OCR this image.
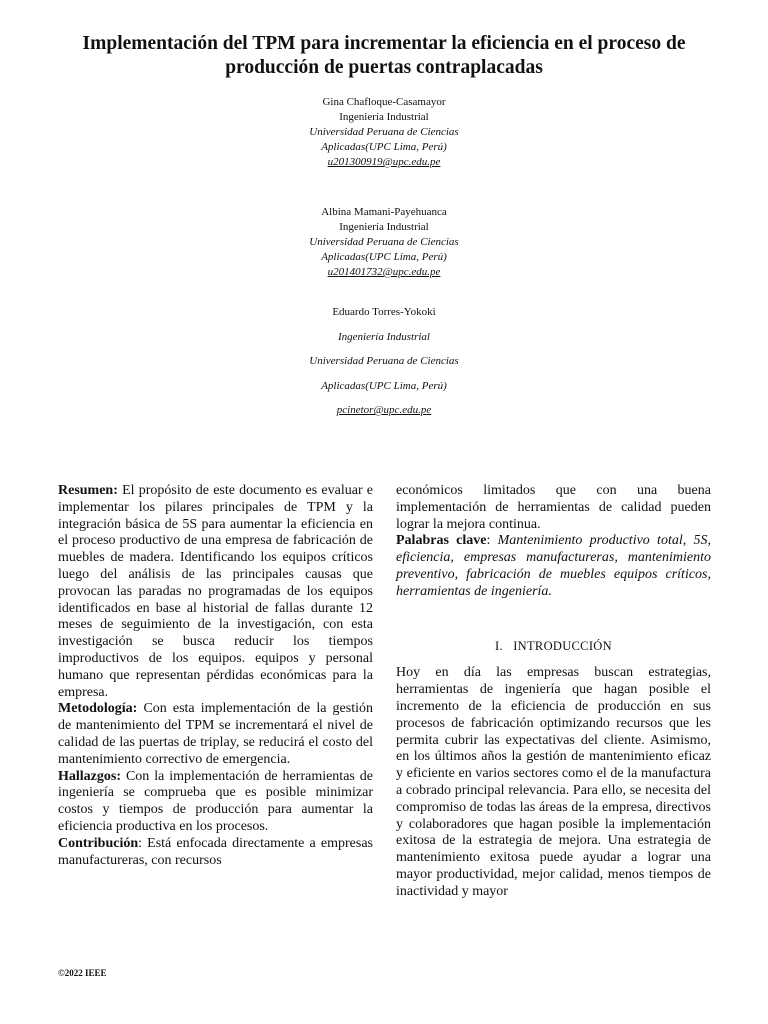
Implementación del TPM para incrementar la eficiencia en el proceso de producción de puertas contraplacadas
Gina Chafloque-Casamayor
Ingeniería Industrial
Universidad Peruana de Ciencias
Aplicadas(UPC Lima, Perú)
u201300919@upc.edu.pe
Albina Mamani-Payehuanca
Ingeniería Industrial
Universidad Peruana de Ciencias
Aplicadas(UPC Lima, Perú)
u201401732@upc.edu.pe
Eduardo Torres-Yokoki
Ingeniería Industrial
Universidad Peruana de Ciencias
Aplicadas(UPC Lima, Perú)
pcinetor@upc.edu.pe

Resumen: El propósito de este documento es evaluar e implementar los pilares principales de TPM y la integración básica de 5S para aumentar la eficiencia en el proceso productivo de una empresa de fabricación de muebles de madera. Identificando los equipos críticos luego del análisis de las principales causas que provocan las paradas no programadas de los equipos identificados en base al historial de fallas durante 12 meses de seguimiento de la investigación, con esta investigación se busca reducir los tiempos improductivos de los equipos. equipos y personal humano que representan pérdidas económicas para la empresa.

Metodología: Con esta implementación de la gestión de mantenimiento del TPM se incrementará el nivel de calidad de las puertas de triplay, se reducirá el costo del mantenimiento correctivo de emergencia.

Hallazgos: Con la implementación de herramientas de ingeniería se comprueba que es posible minimizar costos y tiempos de producción para aumentar la eficiencia productiva en los procesos.

Contribución: Está enfocada directamente a empresas manufactureras, con recursos

económicos limitados que con una buena implementación de herramientas de calidad pueden lograr la mejora continua.

Palabras clave: Mantenimiento productivo total, 5S, eficiencia, empresas manufactureras, mantenimiento preventivo, fabricación de muebles equipos críticos, herramientas de ingeniería.

I. INTRODUCCIÓN

Hoy en día las empresas buscan estrategias, herramientas de ingeniería que hagan posible el incremento de la eficiencia de producción en sus procesos de fabricación optimizando recursos que les permita cubrir las expectativas del cliente. Asimismo, en los últimos años la gestión de mantenimiento eficaz y eficiente en varios sectores como el de la manufactura a cobrado principal relevancia. Para ello, se necesita del compromiso de todas las áreas de la empresa, directivos y colaboradores que hagan posible la implementación exitosa de la estrategia de mejora. Una estrategia de mantenimiento exitosa puede ayudar a lograr una mayor productividad, mejor calidad, menos tiempos de inactividad y mayor

©2022 IEEE
